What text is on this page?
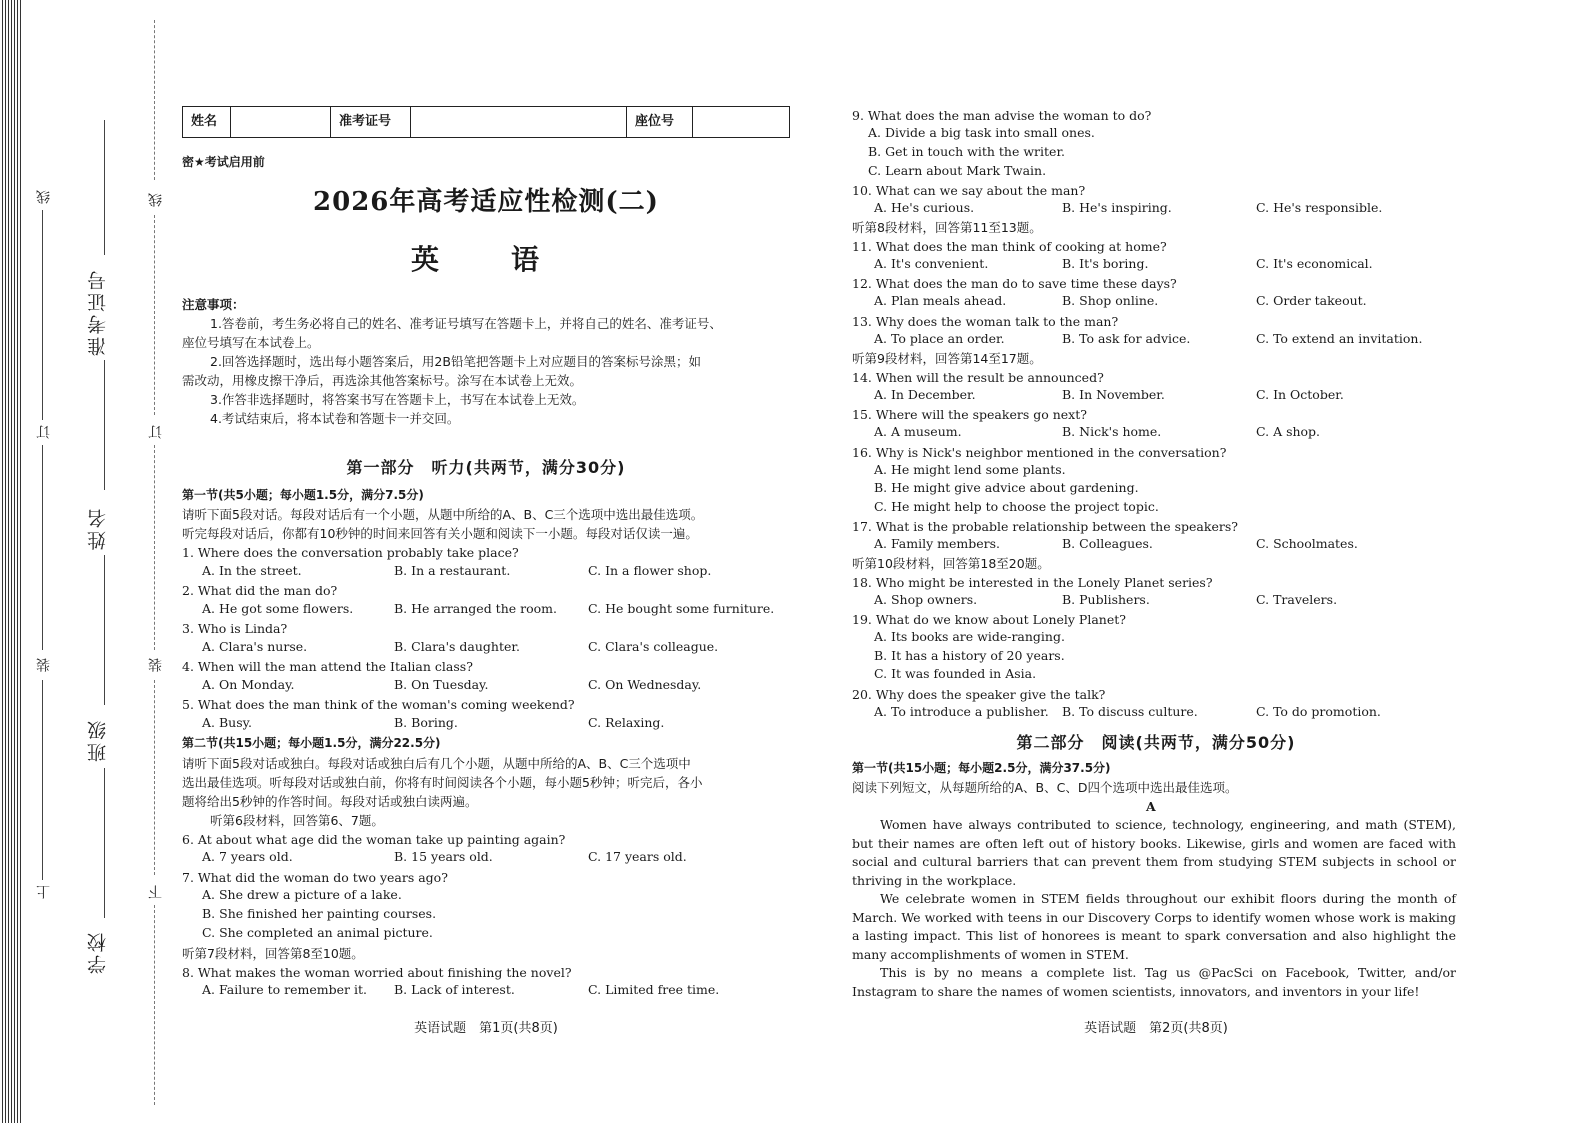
线
订
装
上
准考证号
姓名
班级
学校
线
订
装
下
姓名	准考证号	座位号
密★考试启用前
2026年高考适应性检测(二)
英　语
注意事项：
1.答卷前，考生务必将自己的姓名、准考证号填写在答题卡上，并将自己的姓名、准考证号、
座位号填写在本试卷上。
2.回答选择题时，选出每小题答案后，用2B铅笔把答题卡上对应题目的答案标号涂黑；如
需改动，用橡皮擦干净后，再选涂其他答案标号。涂写在本试卷上无效。
3.作答非选择题时，将答案书写在答题卡上，书写在本试卷上无效。
4.考试结束后，将本试卷和答题卡一并交回。
第一部分　听力(共两节，满分30分)
第一节(共5小题；每小题1.5分，满分7.5分)
请听下面5段对话。每段对话后有一个小题，从题中所给的A、B、C三个选项中选出最佳选项。
听完每段对话后，你都有10秒钟的时间来回答有关小题和阅读下一小题。每段对话仅读一遍。
1. Where does the conversation probably take place?
A. In the street.	B. In a restaurant.	C. In a flower shop.
2. What did the man do?
A. He got some flowers.	B. He arranged the room. C. He bought some furniture.
3. Who is Linda?
A. Clara's nurse.	B. Clara's daughter.	C. Clara's colleague.
4. When will the man attend the Italian class?
A. On Monday.	B. On Tuesday.	C. On Wednesday.
5. What does the man think of the woman's coming weekend?
A. Busy.	B. Boring.	C. Relaxing.
第二节(共15小题；每小题1.5分，满分22.5分)
请听下面5段对话或独白。每段对话或独白后有几个小题，从题中所给的A、B、C三个选项中
选出最佳选项。听每段对话或独白前，你将有时间阅读各个小题，每小题5秒钟；听完后，各小
题将给出5秒钟的作答时间。每段对话或独白读两遍。
听第6段材料，回答第6、7题。
6. At about what age did the woman take up painting again?
A. 7 years old.	B. 15 years old.	C. 17 years old.
7. What did the woman do two years ago?
A. She drew a picture of a lake.
B. She finished her painting courses.
C. She completed an animal picture.
听第7段材料，回答第8至10题。
8. What makes the woman worried about finishing the novel?
A. Failure to remember it. B. Lack of interest.	C. Limited free time.
英语试题　第1页(共8页)
9. What does the man advise the woman to do?
A. Divide a big task into small ones.
B. Get in touch with the writer.
C. Learn about Mark Twain.
10. What can we say about the man?
A. He's curious.	B. He's inspiring.	C. He's responsible.
听第8段材料，回答第11至13题。
11. What does the man think of cooking at home?
A. It's convenient.	B. It's boring.	C. It's economical.
12. What does the man do to save time these days?
A. Plan meals ahead.	B. Shop online.	C. Order takeout.
13. Why does the woman talk to the man?
A. To place an order.	B. To ask for advice.	C. To extend an invitation.
听第9段材料，回答第14至17题。
14. When will the result be announced?
A. In December.	B. In November.	C. In October.
15. Where will the speakers go next?
A. A museum.	B. Nick's home.	C. A shop.
16. Why is Nick's neighbor mentioned in the conversation?
A. He might lend some plants.
B. He might give advice about gardening.
C. He might help to choose the project topic.
17. What is the probable relationship between the speakers?
A. Family members.	B. Colleagues.	C. Schoolmates.
听第10段材料，回答第18至20题。
18. Who might be interested in the Lonely Planet series?
A. Shop owners.	B. Publishers.	C. Travelers.
19. What do we know about Lonely Planet?
A. Its books are wide-ranging.
B. It has a history of 20 years.
C. It was founded in Asia.
20. Why does the speaker give the talk?
A. To introduce a publisher. B. To discuss culture.	C. To do promotion.
第二部分　阅读(共两节，满分50分)
第一节(共15小题；每小题2.5分，满分37.5分)
阅读下列短文，从每题所给的A、B、C、D四个选项中选出最佳选项。
A
Women have always contributed to science, technology, engineering, and math (STEM), but their names are often left out of history books. Likewise, girls and women are faced with social and cultural barriers that can prevent them from studying STEM subjects in school or thriving in the workplace.
We celebrate women in STEM fields throughout our exhibit floors during the month of March. We worked with teens in our Discovery Corps to identify women whose work is making a lasting impact. This list of honorees is meant to spark conversation and also highlight the many accomplishments of women in STEM.
This is by no means a complete list. Tag us @PacSci on Facebook, Twitter, and/or Instagram to share the names of women scientists, innovators, and inventors in your life!
英语试题　第2页(共8页)
